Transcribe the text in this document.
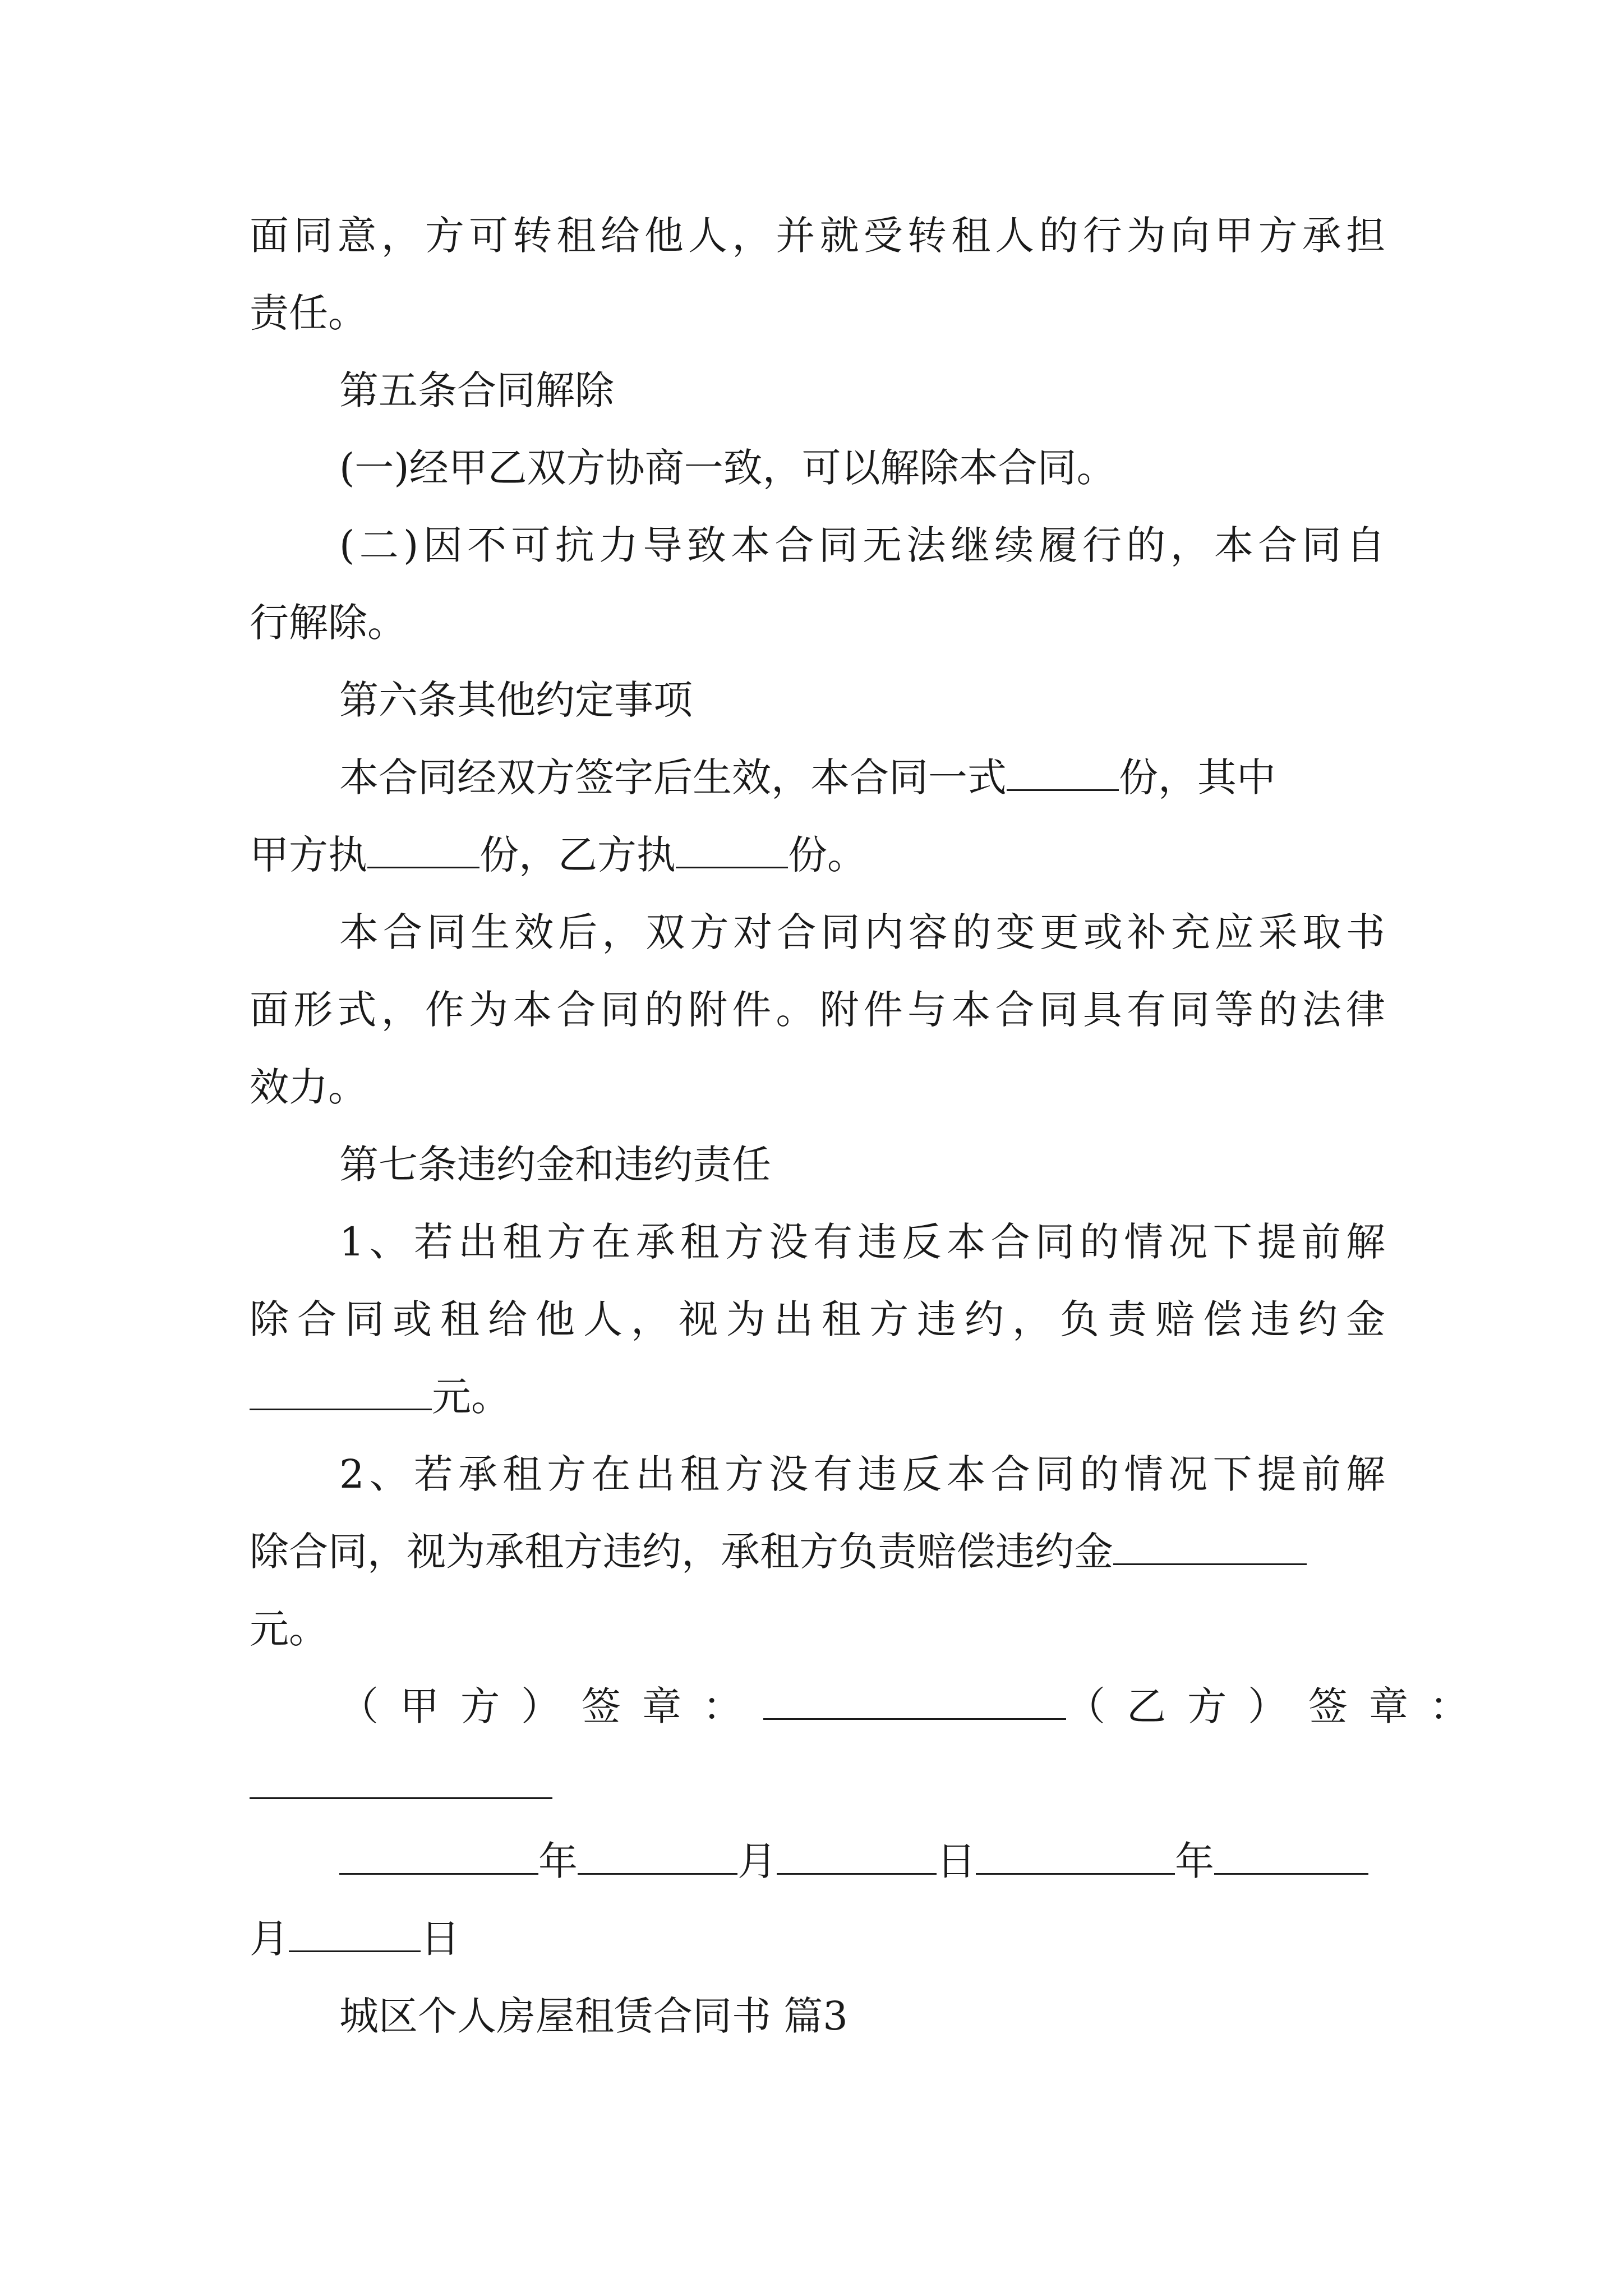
面同意，方可转租给他人，并就受转租人的行为向甲方承担
责任。
第五条合同解除
(一)经甲乙双方协商一致，可以解除本合同。
(二)因不可抗力导致本合同无法继续履行的，本合同自
行解除。
第六条其他约定事项
本合同经双方签字后生效，本合同一式	份，其中
甲方执	份，乙方执	份。
本合同生效后，双方对合同内容的变更或补充应采取书
面形式，作为本合同的附件。附件与本合同具有同等的法律
效力。
第七条违约金和违约责任
1、若出租方在承租方没有违反本合同的情况下提前解
除合同或租给他人，视为出租方违约，负责赔偿违约金
元。
2、若承租方在出租方没有违反本合同的情况下提前解
除合同，视为承租方违约，承租方负责赔偿违约金
元。
（甲方）签章：	（乙方）签章：
年	月	日	年
月	日
城区个人房屋租赁合同书 篇3
